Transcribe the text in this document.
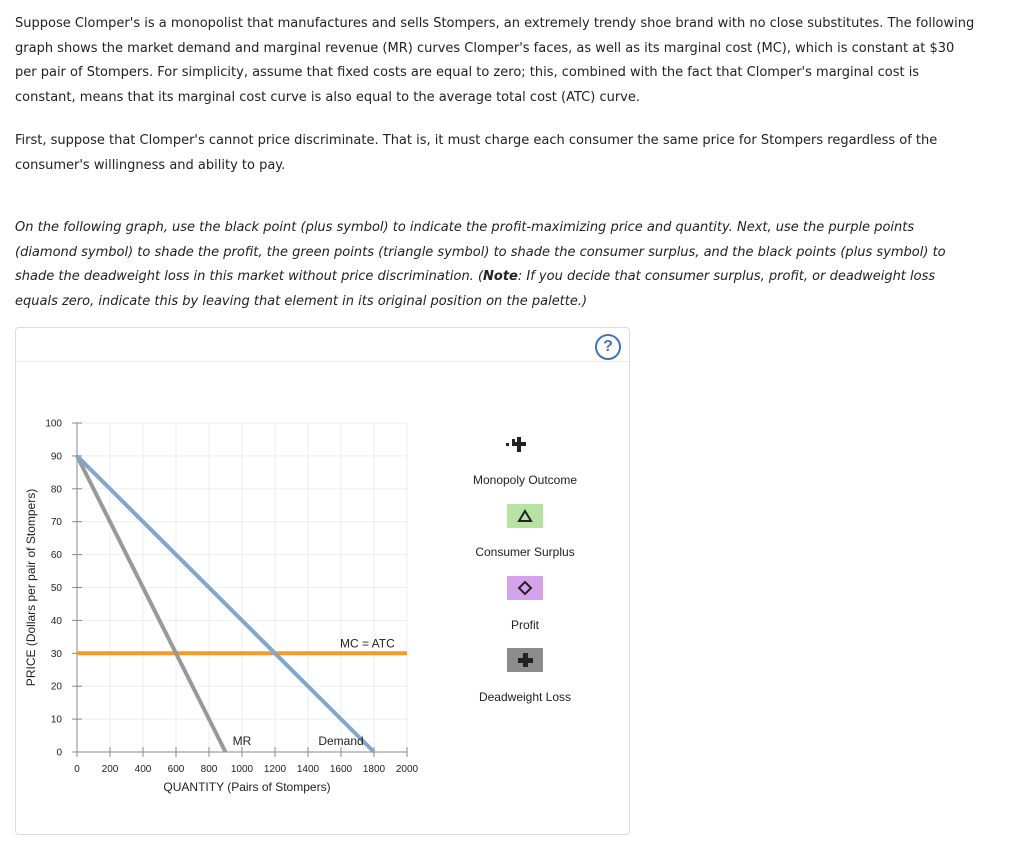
Suppose Clomper's is a monopolist that manufactures and sells Stompers, an extremely trendy shoe brand with no close substitutes. The following graph shows the market demand and marginal revenue (MR) curves Clomper's faces, as well as its marginal cost (MC), which is constant at $30 per pair of Stompers. For simplicity, assume that fixed costs are equal to zero; this, combined with the fact that Clomper's marginal cost is constant, means that its marginal cost curve is also equal to the average total cost (ATC) curve.

First, suppose that Clomper's cannot price discriminate. That is, it must charge each consumer the same price for Stompers regardless of the consumer's willingness and ability to pay.

On the following graph, use the black point (plus symbol) to indicate the profit-maximizing price and quantity. Next, use the purple points (diamond symbol) to shade the profit, the green points (triangle symbol) to shade the consumer surplus, and the black points (plus symbol) to shade the deadweight loss in this market without price discrimination. (Note: If you decide that consumer surplus, profit, or deadweight loss equals zero, indicate this by leaving that element in its original position on the palette.)

?
0 200 400 600 800 1000 1200 1400 1600 1800 2000
0
10
20
30
40
50
60
70
80
90
100
QUANTITY (Pairs of Stompers)
PRICE (Dollars per pair of Stompers)
MR	Demand
MC = ATC
Monopoly Outcome
Consumer Surplus
Profit
Deadweight Loss
